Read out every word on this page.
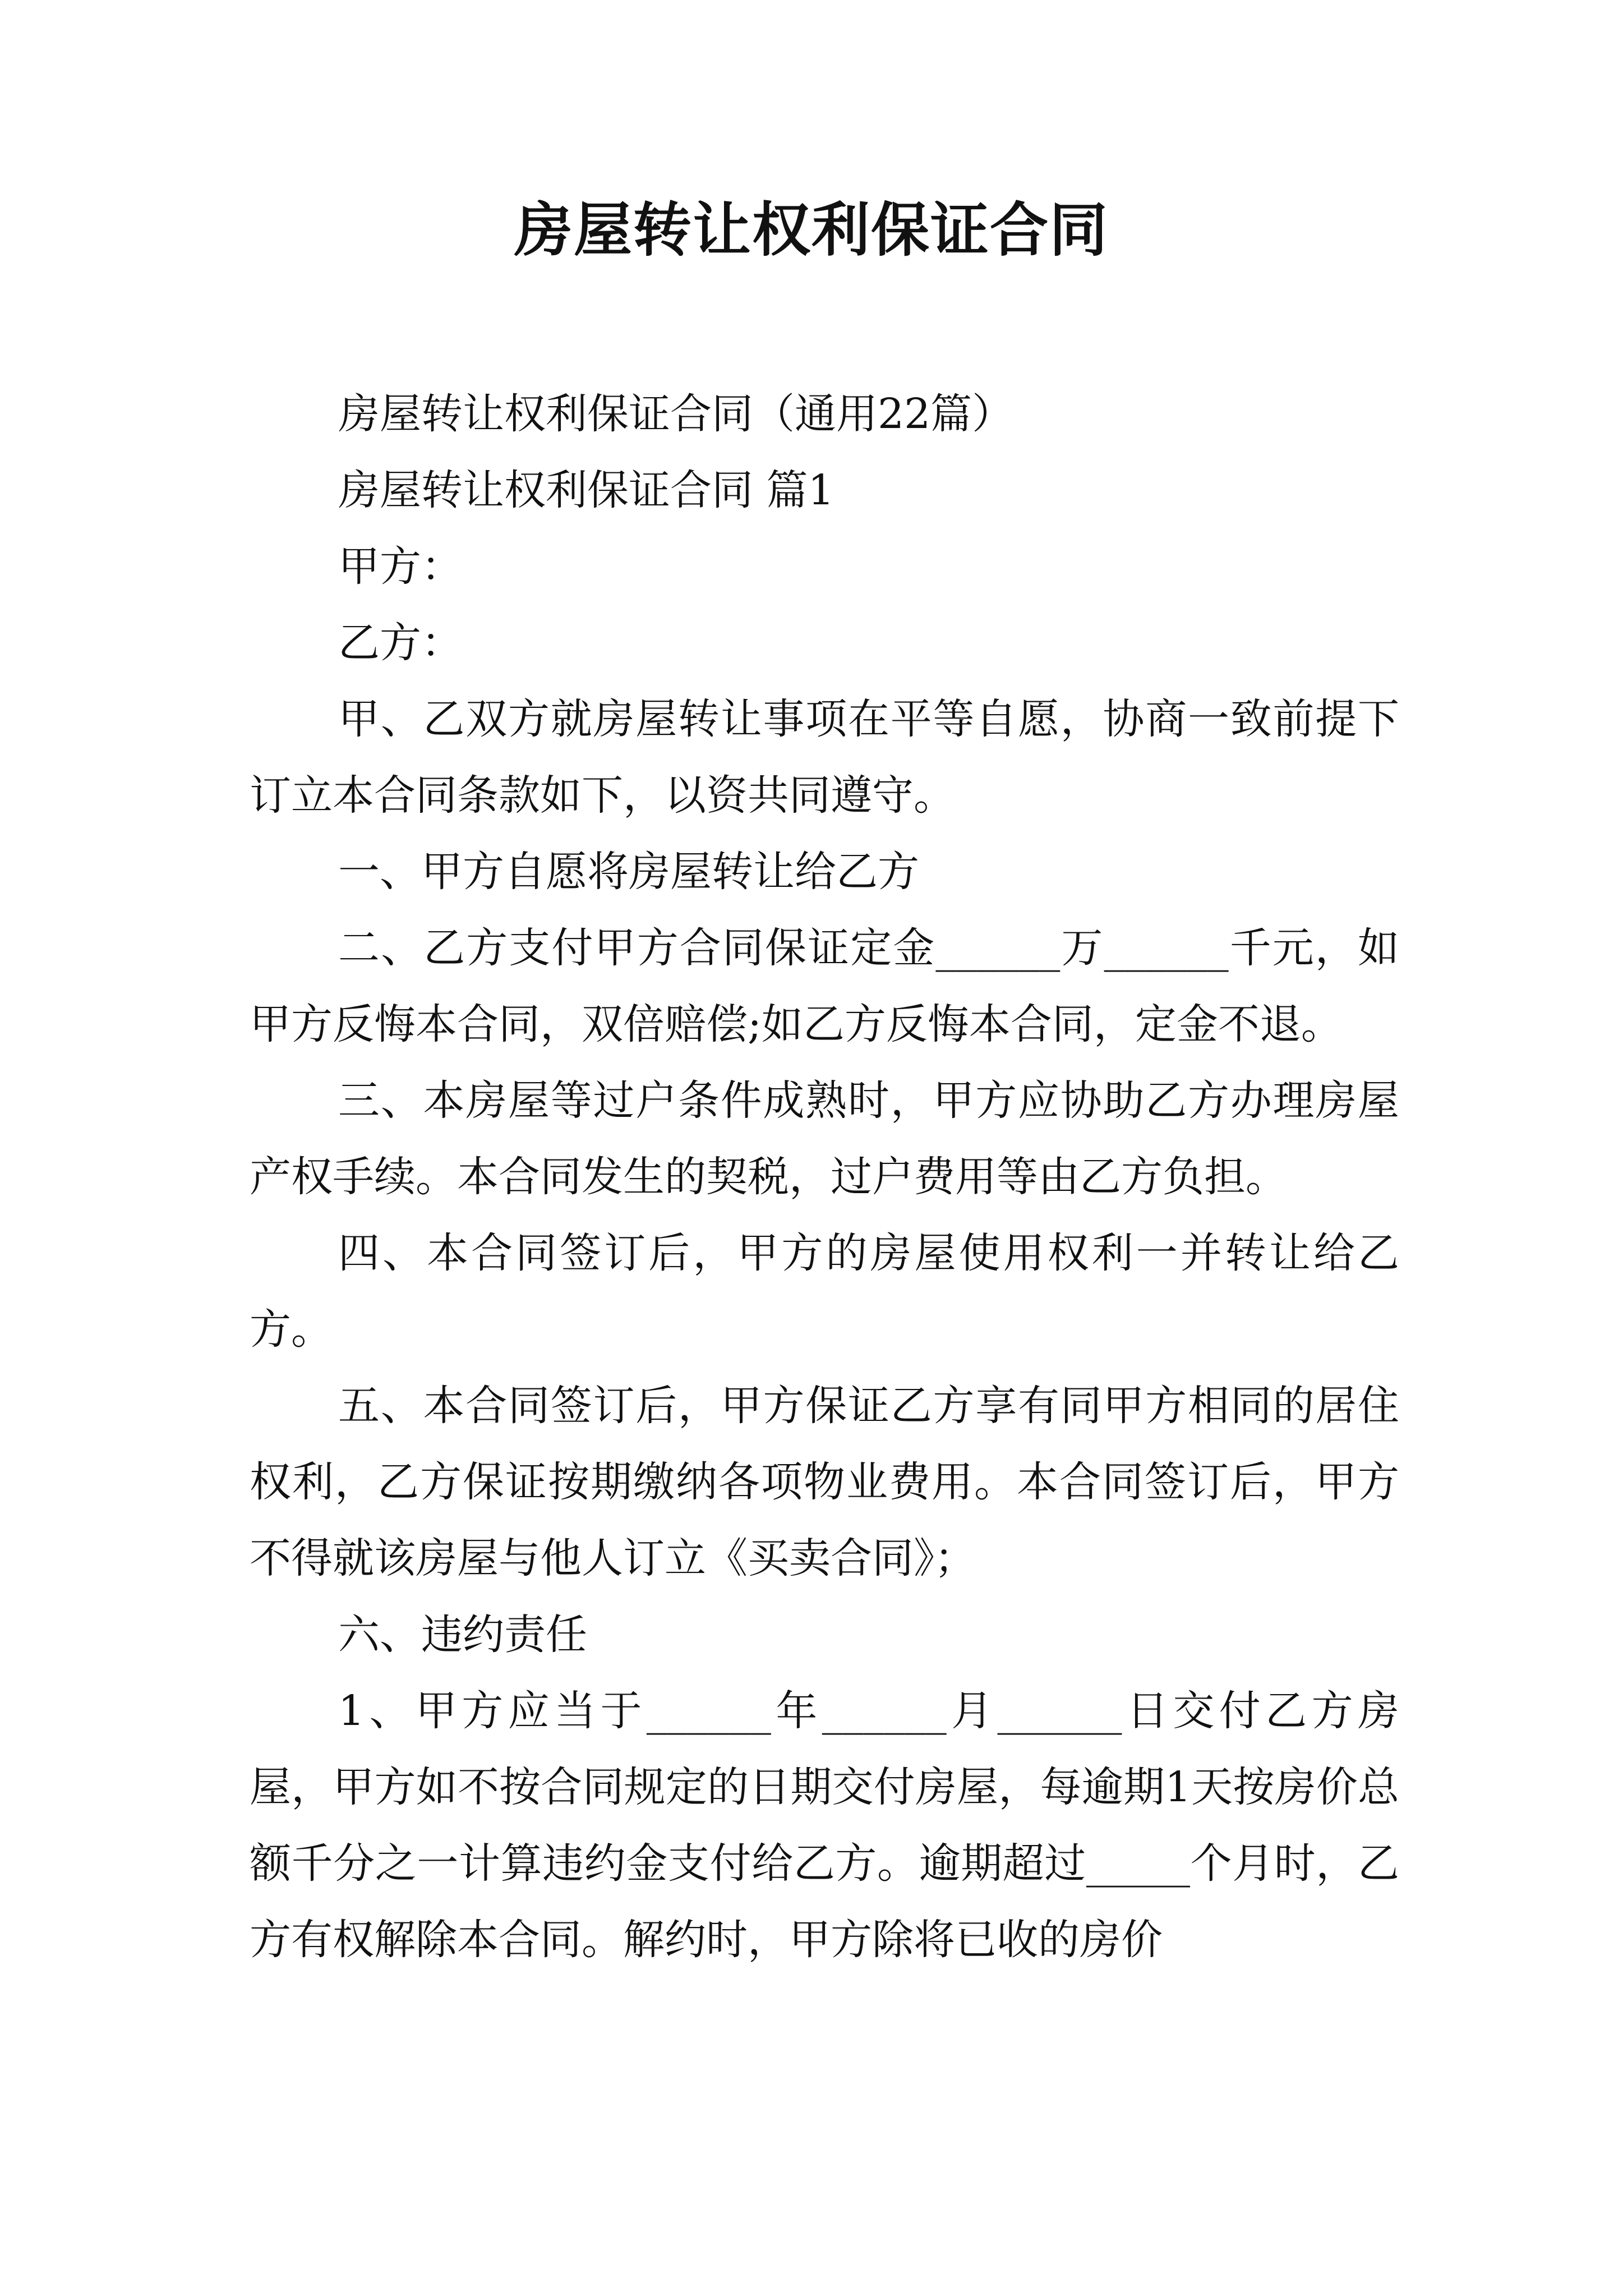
房屋转让权利保证合同

房屋转让权利保证合同（通用22篇）

房屋转让权利保证合同 篇1

甲方：

乙方：

甲、乙双方就房屋转让事项在平等自愿，协商一致前提下订立本合同条款如下，以资共同遵守。

一、甲方自愿将房屋转让给乙方

二、乙方支付甲方合同保证定金______万______千元，如甲方反悔本合同，双倍赔偿;如乙方反悔本合同，定金不退。

三、本房屋等过户条件成熟时，甲方应协助乙方办理房屋产权手续。本合同发生的契税，过户费用等由乙方负担。

四、本合同签订后，甲方的房屋使用权利一并转让给乙方。

五、本合同签订后，甲方保证乙方享有同甲方相同的居住权利，乙方保证按期缴纳各项物业费用。本合同签订后，甲方不得就该房屋与他人订立《买卖合同》；

六、违约责任

1、甲方应当于______年______月______日交付乙方房屋，甲方如不按合同规定的日期交付房屋，每逾期1天按房价总额千分之一计算违约金支付给乙方。逾期超过_____个月时，乙方有权解除本合同。解约时，甲方除将已收的房价
